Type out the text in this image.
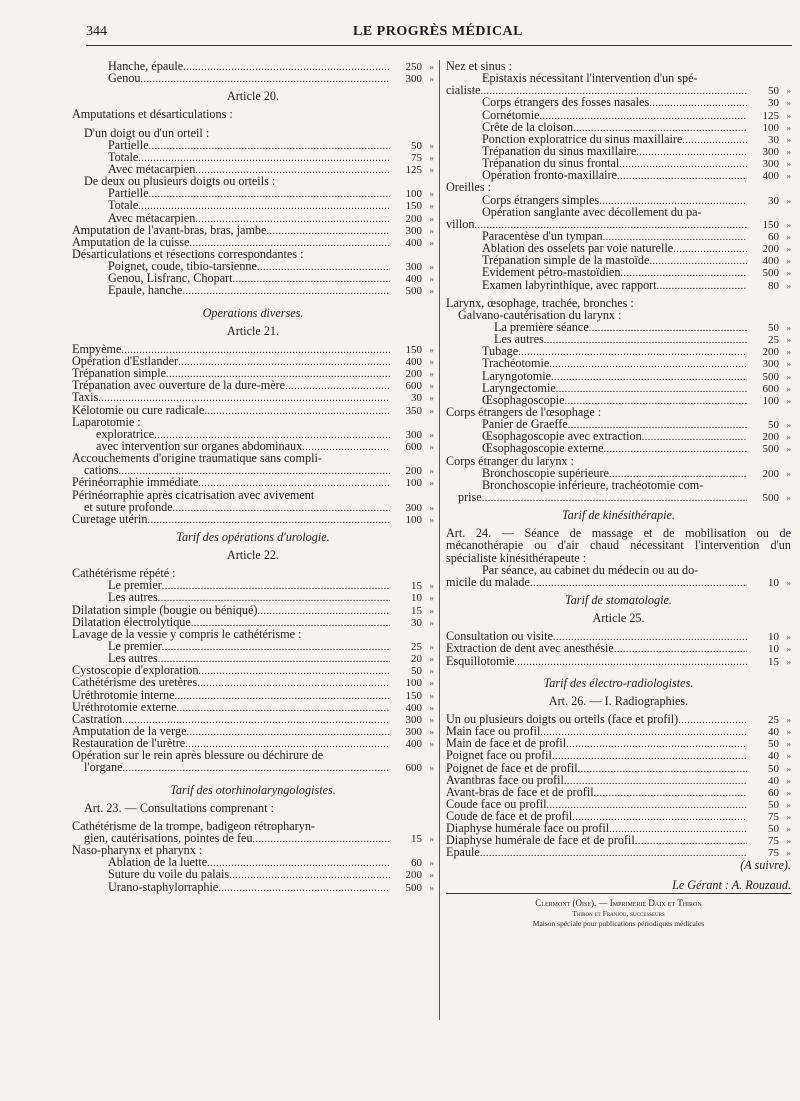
344	LE PROGRÈS MÉDICAL
Hanche, épaule . . .	250 »
Genou . . .	300 »
Article 20.
Amputations et désarticulations :
D'un doigt ou d'un orteil :
Partielle . . .	50 »
Totale . . .	75 »
Avec métacarpien . . .	125 »
De deux ou plusieurs doigts ou orteils :
Partielle . . .	100 »
Totale . . .	150 »
Avec métacarpien . . .	200 »
Amputation de l'avant-bras, bras, jambe . . .	300 »
Amputation de la cuisse . . .	400 »
Désarticulations et résections correspondantes :
Poignet, coude, tibio-tarsienne . . .	300 »
Genou, Lisfranc, Chopart . . .	400 »
Epaule, hanche . . .	500 »
Operations diverses.
Article 21.
Empyème . . .	150 »
Opération d'Estlander . . .	400 »
Trépanation simple . . .	200 »
Trépanation avec ouverture de la dure-mère . . .	600 »
Taxis . . .	30 »
Kélotomie ou cure radicale . . .	350 »
Laparotomie :
exploratrice . . .	300 »
avec intervention sur organes abdominaux . . .	600 »
Accouchements d'origine traumatique sans compli-
cations . . .	200 »
Périnéorraphie immédiate . . .	100 »
Périnéorraphie après cicatrisation avec avivement
et suture profonde . . .	300 »
Curetage utérin . . .	100 »
Tarif des opérations d'urologie.
Article 22.
Cathétérisme répété :
Le premier . . .	15 »
Les autres . . .	10 »
Dilatation simple (bougie ou béniqué) . . .	15 »
Dilatation électrolytique . . .	30 »
Lavage de la vessie y compris le cathétérisme :
Le premier . . .	25 »
Les autres . . .	20 »
Cystoscopie d'exploration . . .	50 »
Cathétérisme des uretères . . .	100 »
Uréthrotomie interne . . .	150 »
Uréthrotomie externe . . .	400 »
Castration . . .	300 »
Amputation de la verge . . .	300 »
Restauration de l'urètre . . .	400 »
Opération sur le rein après blessure ou déchirure de
l'organe . . .	600 »
Tarif des otorhinolaryngologistes.
Art. 23. — Consultations comprenant :
Cathétérisme de la trompe, badigeon rétropharyn-
gien, cautérisations, pointes de feu . . .	15 »
Naso-pharynx et pharynx :
Ablation de la luette . . .	60 »
Suture du voile du palais . . .	200 »
Urano-staphylorraphie . . .	500 »
Nez et sinus :
Epistaxis nécessitant l'intervention d'un spé-
cialiste . . .	50 »
Corps étrangers des fosses nasales . . .	30 »
Cornétomie . . .	125 »
Crête de la cloison . . .	100 »
Ponction exploratrice du sinus maxillaire . . .	30 »
Trépanation du sinus maxillaire . . .	300 »
Trépanation du sinus frontal . . .	300 »
Opération fronto-maxillaire . . .	400 »
Oreilles :
Corps étrangers simples . . .	30 »
Opération sanglante avec décollement du pa-
villon . . .	150 »
Paracentèse d'un tympan . . .	60 »
Ablation des osselets par voie naturelle . . .	200 »
Trépanation simple de la mastoïde . . .	400 »
Evidement pétro-mastoïdien . . .	500 »
Examen labyrinthique, avec rapport . . .	80 »
Larynx, œsophage, trachée, bronches :
Galvano-cautérisation du larynx :
La première séance . . .	50 »
Les autres . . .	25 »
Tubage . . .	200 »
Trachéotomie . . .	300 »
Laryngotomie . . .	500 »
Laryngectomie . . .	600 »
Œsophagoscopie . . .	100 »
Corps étrangers de l'œsophage :
Panier de Graeffe . . .	50 »
Œsophagoscopie avec extraction . . .	200 »
Œsophagoscopie externe . . .	500 »
Corps étranger du larynx :
Bronchoscopie supérieure . . .	200 »
Bronchoscopie inférieure, trachéotomie com-
prise . . .	500 »
Tarif de kinésithérapie.
Art. 24. — Séance de massage et de mobilisation ou de mécanothérapie ou d'air chaud nécessitant l'intervention d'un spécialiste kinésithérapeute :
Par séance, au cabinet du médecin ou au do-
micile du malade . . .	10 »
Tarif de stomatologie.
Article 25.
Consultation ou visite . . .	10 »
Extraction de dent avec anesthésie . . .	10 »
Esquillotomie . . .	15 »
Tarif des électro-radiologistes.
Art. 26. — I. Radiographies.
Un ou plusieurs doigts ou orteils (face et profil) . . .	25 »
Main face ou profil . . .	40 »
Main de face et de profil . . .	50 »
Poignet face ou profil . . .	40 »
Poignet de face et de profil . . .	50 »
Avantbras face ou profil . . .	40 »
Avant-bras de face et de profil . . .	60 »
Coude face ou profil . . .	50 »
Coude de face et de profil . . .	75 »
Diaphyse humérale face ou profil . . .	50 »
Diaphyse humérale de face et de profil . . .	75 »
Epaule . . .	75 »
(A suivre).
Le Gérant : A. Rouzaud.
Clermont (Oise). — Imprimerie Daix et Thiron
Thiron et Franjou, successeurs
Maison spéciale pour publications périodiques médicales
